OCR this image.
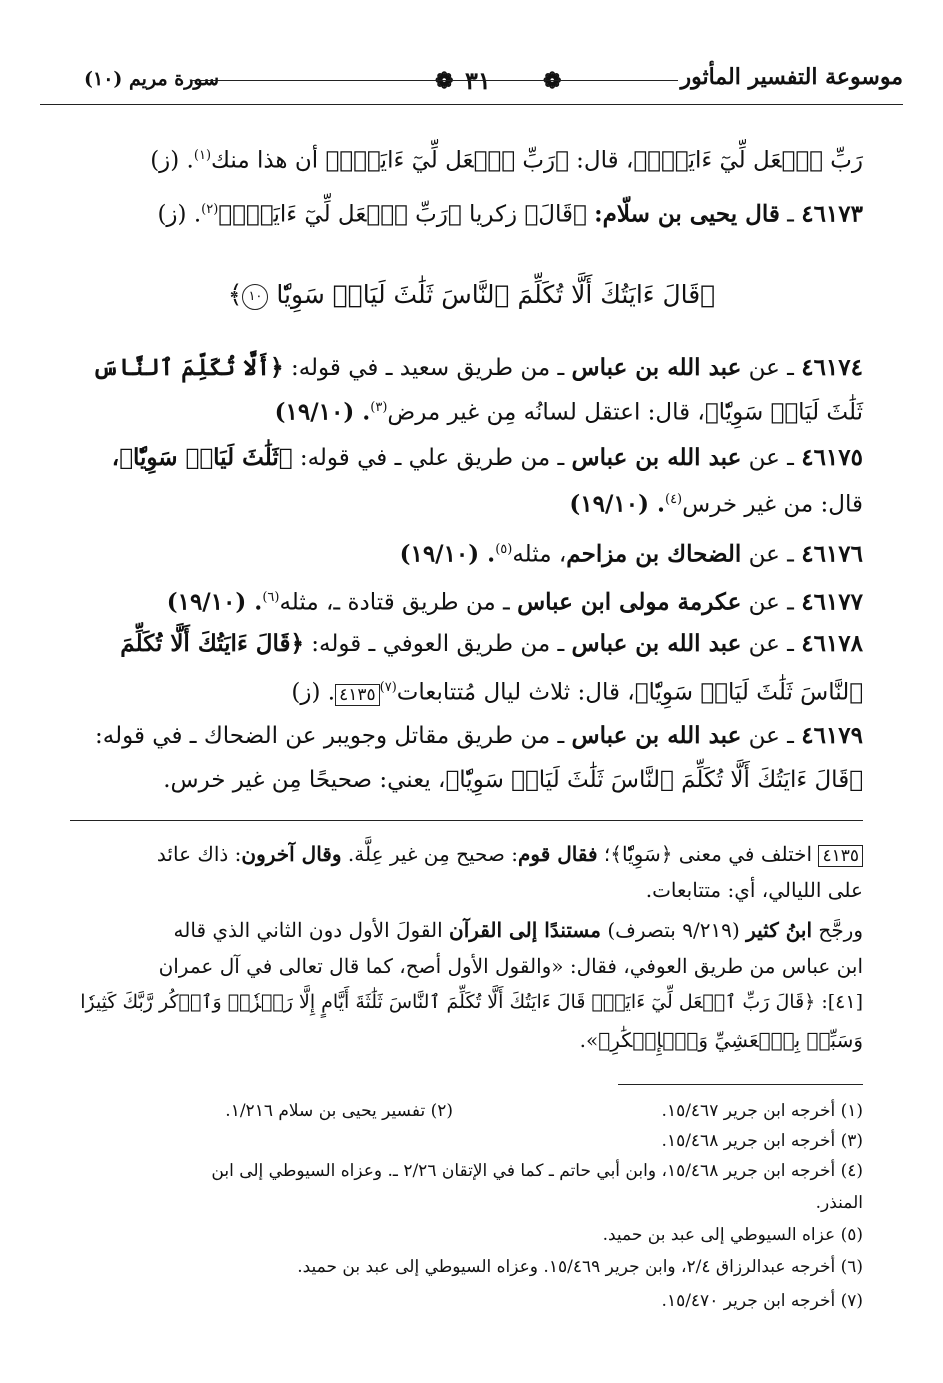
موسوعة التفسير المأثور
❁
٣١
❁
سورة مريم (١٠)
رَبِّ ٱجۡعَل لِّيٓ ءَايَةٗۚ﴾، قال: ﴿رَبِّ ٱجۡعَل لِّيٓ ءَايَةٗۚ﴾ أن هذا منك$^{(١)}$. (ز)
٤٦١٧٣ ـ قال يحيى بن سلّام: ﴿قَالَ﴾ زكريا ﴿رَبِّ ٱجۡعَل لِّيٓ ءَايَةٗۚ﴾$^{(٢)}$. (ز)
﴿قَالَ ءَايَتُكَ أَلَّا تُكَلِّمَ ٱلنَّاسَ ثَلَٰثَ لَيَالٖ سَوِيّٗا ١٠﴾
٤٦١٧٤ ـ عن عبد الله بن عباس ـ من طريق سعيد ـ في قوله: ﴿أَلَّا تُكَلِّمَ ٱلنَّاسَ
ثَلَٰثَ لَيَالٖ سَوِيّٗا﴾، قال: اعتقل لسانُه مِن غير مرض$^{(٣)}$. (١٩/١٠)
٤٦١٧٥ ـ عن عبد الله بن عباس ـ من طريق علي ـ في قوله: ﴿ثَلَٰثَ لَيَالٖ سَوِيّٗا﴾،
قال: من غير خرس$^{(٤)}$. (١٩/١٠)
٤٦١٧٦ ـ عن الضحاك بن مزاحم، مثله$^{(٥)}$. (١٩/١٠)
٤٦١٧٧ ـ عن عكرمة مولى ابن عباس ـ من طريق قتادة ـ، مثله$^{(٦)}$. (١٩/١٠)
٤٦١٧٨ ـ عن عبد الله بن عباس ـ من طريق العوفي ـ قوله: ﴿قَالَ ءَايَتُكَ أَلَّا تُكَلِّمَ
ٱلنَّاسَ ثَلَٰثَ لَيَالٖ سَوِيّٗا﴾، قال: ثلاث ليال مُتتابعات$^{(٧)}$٤١٣٥. (ز)
٤٦١٧٩ ـ عن عبد الله بن عباس ـ من طريق مقاتل وجويبر عن الضحاك ـ في قوله:
﴿قَالَ ءَايَتُكَ أَلَّا تُكَلِّمَ ٱلنَّاسَ ثَلَٰثَ لَيَالٖ سَوِيّٗا﴾، يعني: صحيحًا مِن غير خرس.
٤١٣٥ اختلف في معنى ﴿سَوِيّٗا﴾؛ فقال قوم: صحيح مِن غير عِلَّة. وقال آخرون: ذاك عائد
على الليالي، أي: متتابعات.
ورجَّح ابنُ كثير (٩/٢١٩ بتصرف) مستندًا إلى القرآن القولَ الأول دون الثاني الذي قاله
ابن عباس من طريق العوفي، فقال: «والقول الأول أصح، كما قال تعالى في آل عمران
[٤١]: ﴿قَالَ رَبِّ ٱجۡعَل لِّيٓ ءَايَةٗۖ قَالَ ءَايَتُكَ أَلَّا تُكَلِّمَ ٱلنَّاسَ ثَلَٰثَةَ أَيَّامٍ إِلَّا رَمۡزٗاۗ وَٱذۡكُر رَّبَّكَ كَثِيرٗا
وَسَبِّحۡ بِٱلۡعَشِيِّ وَٱلۡإِبۡكَٰرِ﴾».
(١) أخرجه ابن جرير ١٥/٤٦٧.
(٢) تفسير يحيى بن سلام ١/٢١٦.
(٣) أخرجه ابن جرير ١٥/٤٦٨.
(٤) أخرجه ابن جرير ١٥/٤٦٨، وابن أبي حاتم ـ كما في الإتقان ٢/٢٦ ـ. وعزاه السيوطي إلى ابن
المنذر.
(٥) عزاه السيوطي إلى عبد بن حميد.
(٦) أخرجه عبدالرزاق ٢/٤، وابن جرير ١٥/٤٦٩. وعزاه السيوطي إلى عبد بن حميد.
(٧) أخرجه ابن جرير ١٥/٤٧٠.
